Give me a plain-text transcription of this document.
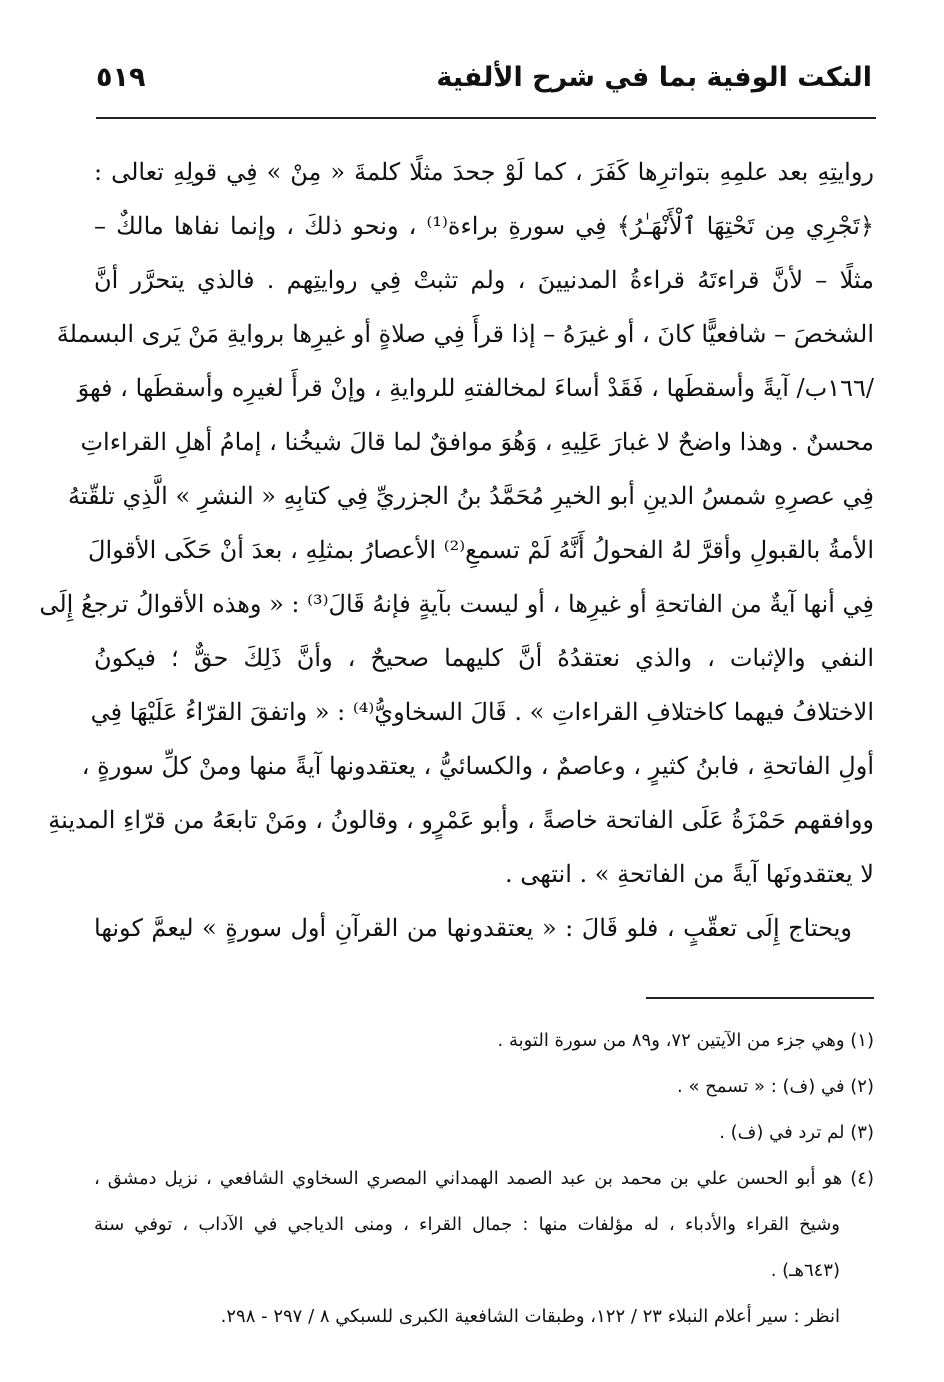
النكت الوفية بما في شرح الألفية
٥١٩
روايتِهِ بعد علمِهِ بتواترِها كَفَرَ ، كما لَوْ جحدَ مثلًا كلمةَ « مِنْ » فِي قولِهِ تعالى :
﴿تَجْرِي مِن تَحْتِهَا ٱلْأَنْهَـٰرُ﴾ فِي سورةِ براءة⁽¹⁾ ، ونحو ذلكَ ، وإنما نفاها مالكٌ –
مثلًا – لأنَّ قراءتَهُ قراءةُ المدنيينَ ، ولم تثبتْ فِي روايتِهم . فالذي يتحرَّر أنَّ
الشخصَ – شافعيًّا كانَ ، أو غيرَهُ – إذا قرأَ فِي صلاةٍ أو غيرِها بروايةِ مَنْ يَرى البسملةَ
/١٦٦ب/ آيةً وأسقطَها ، فَقَدْ أساءَ لمخالفتهِ للروايةِ ، وإنْ قرأَ لغيرِه وأسقطَها ، فهوَ
محسنٌ . وهذا واضحٌ لا غبارَ عَلِيهِ ، وَهُوَ موافقٌ لما قالَ شيخُنا ، إمامُ أهلِ القراءاتِ
فِي عصرِهِ شمسُ الدينِ أبو الخيرِ مُحَمَّدُ بنُ الجزريِّ فِي كتابِهِ « النشرِ » الَّذِي تلقّتهُ
الأمةُ بالقبولِ وأقرَّ لهُ الفحولُ أَنَّهُ لَمْ تسمعِ⁽²⁾ الأعصارُ بمثلِهِ ، بعدَ أنْ حَكَى الأقوالَ
فِي أنها آيةٌ من الفاتحةِ أو غيرِها ، أو ليست بآيةٍ فإنهُ قَالَ⁽³⁾ : « وهذه الأقوالُ ترجعُ إِلَى
النفي والإثبات ، والذي نعتقدُهُ أنَّ كليهما صحيحٌ ، وأنَّ ذَلِكَ حقٌّ ؛ فيكونُ
الاختلافُ فيهما كاختلافِ القراءاتِ » . قَالَ السخاويُّ⁽⁴⁾ : « واتفقَ القرّاءُ عَلَيْهَا فِي
أولِ الفاتحةِ ، فابنُ كثيرٍ ، وعاصمٌ ، والكسائيُّ ، يعتقدونها آيةً منها ومنْ كلِّ سورةٍ ،
ووافقهم حَمْزَةُ عَلَى الفاتحة خاصةً ، وأبو عَمْرٍو ، وقالونُ ، ومَنْ تابعَهُ من قرّاءِ المدينةِ
لا يعتقدونَها آيةً من الفاتحةِ » . انتهى .
ويحتاج إِلَى تعقّبٍ ، فلو قَالَ : « يعتقدونها من القرآنِ أول سورةٍ » ليعمَّ كونها
(١) وهي جزء من الآيتين ٧٢، و٨٩ من سورة التوبة .
(٢) في (ف) : « تسمح » .
(٣) لم ترد في (ف) .
(٤) هو أبو الحسن علي بن محمد بن عبد الصمد الهمداني المصري السخاوي الشافعي ، نزيل دمشق ،
وشيخ القراء والأدباء ، له مؤلفات منها : جمال القراء ، ومنى الدياجي في الآداب ، توفي سنة
(٦٤٣هـ) .
انظر : سير أعلام النبلاء ٢٣ / ١٢٢، وطبقات الشافعية الكبرى للسبكي ٨ / ٢٩٧ - ٢٩٨.
